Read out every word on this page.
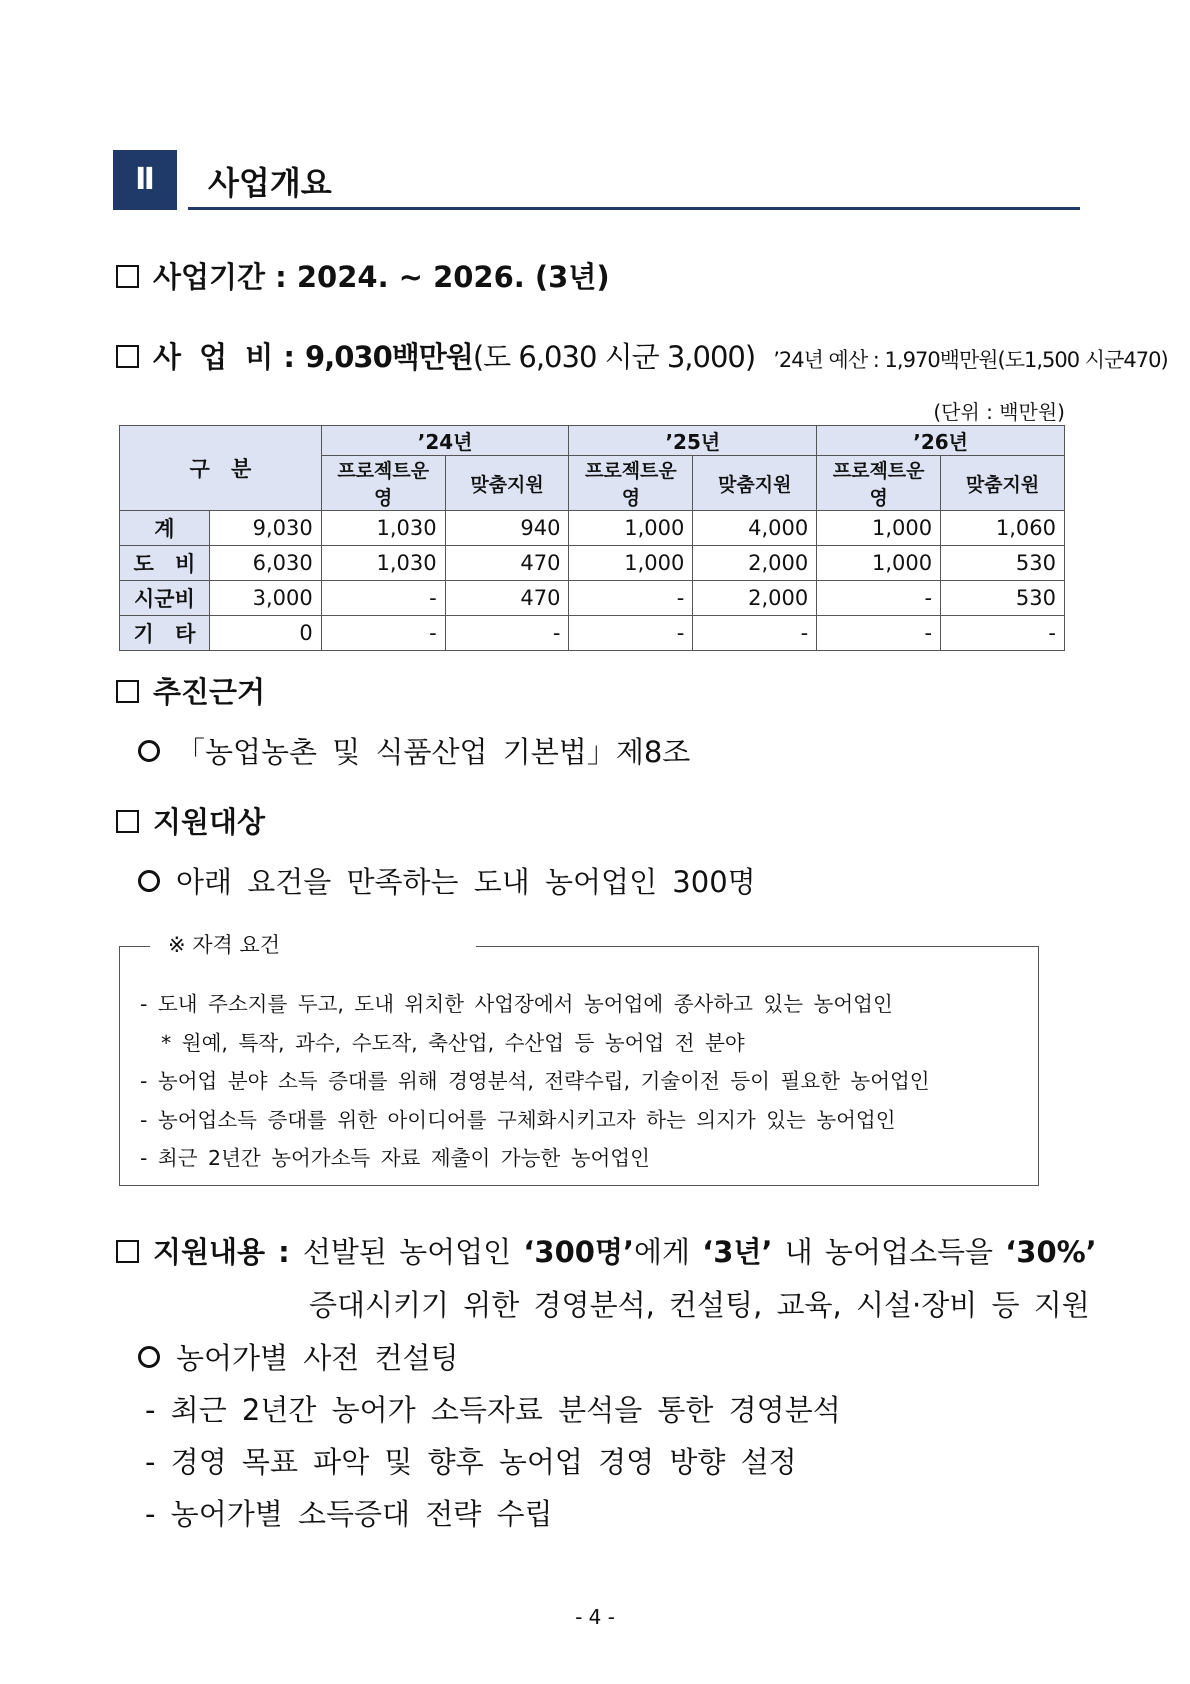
Ⅱ	사업개요
사업기간 : 2024. ~ 2026. (3년)
사 업 비 : 9,030백만원(도 6,030 시군 3,000) ’24년 예산 : 1,970백만원(도1,500 시군470)
(단위 : 백만원)
구 분		’24년		’25년		’26년	
		프로젝트운영	맞춤지원	프로젝트운영	맞춤지원	프로젝트운영	맞춤지원
계	9,030	1,030	940	1,000	4,000	1,000	1,060
도 비	6,030	1,030	470	1,000	2,000	1,000	530
시군비	3,000	-	470	-	2,000	-	530
기 타	0	-	-	-	-	-	-
추진근거
「농업농촌 및 식품산업 기본법」제8조
지원대상
아래 요건을 만족하는 도내 농어업인 300명
※ 자격 요건
- 도내 주소지를 두고, 도내 위치한 사업장에서 농어업에 종사하고 있는 농어업인
* 원예, 특작, 과수, 수도작, 축산업, 수산업 등 농어업 전 분야
- 농어업 분야 소득 증대를 위해 경영분석, 전략수립, 기술이전 등이 필요한 농어업인
- 농어업소득 증대를 위한 아이디어를 구체화시키고자 하는 의지가 있는 농어업인
- 최근 2년간 농어가소득 자료 제출이 가능한 농어업인
지원내용 : 선발된 농어업인 ‘300명’에게 ‘3년’ 내 농어업소득을 ‘30%’
증대시키기 위한 경영분석, 컨설팅, 교육, 시설·장비 등 지원
농어가별 사전 컨설팅
- 최근 2년간 농어가 소득자료 분석을 통한 경영분석
- 경영 목표 파악 및 향후 농어업 경영 방향 설정
- 농어가별 소득증대 전략 수립
- 4 -
